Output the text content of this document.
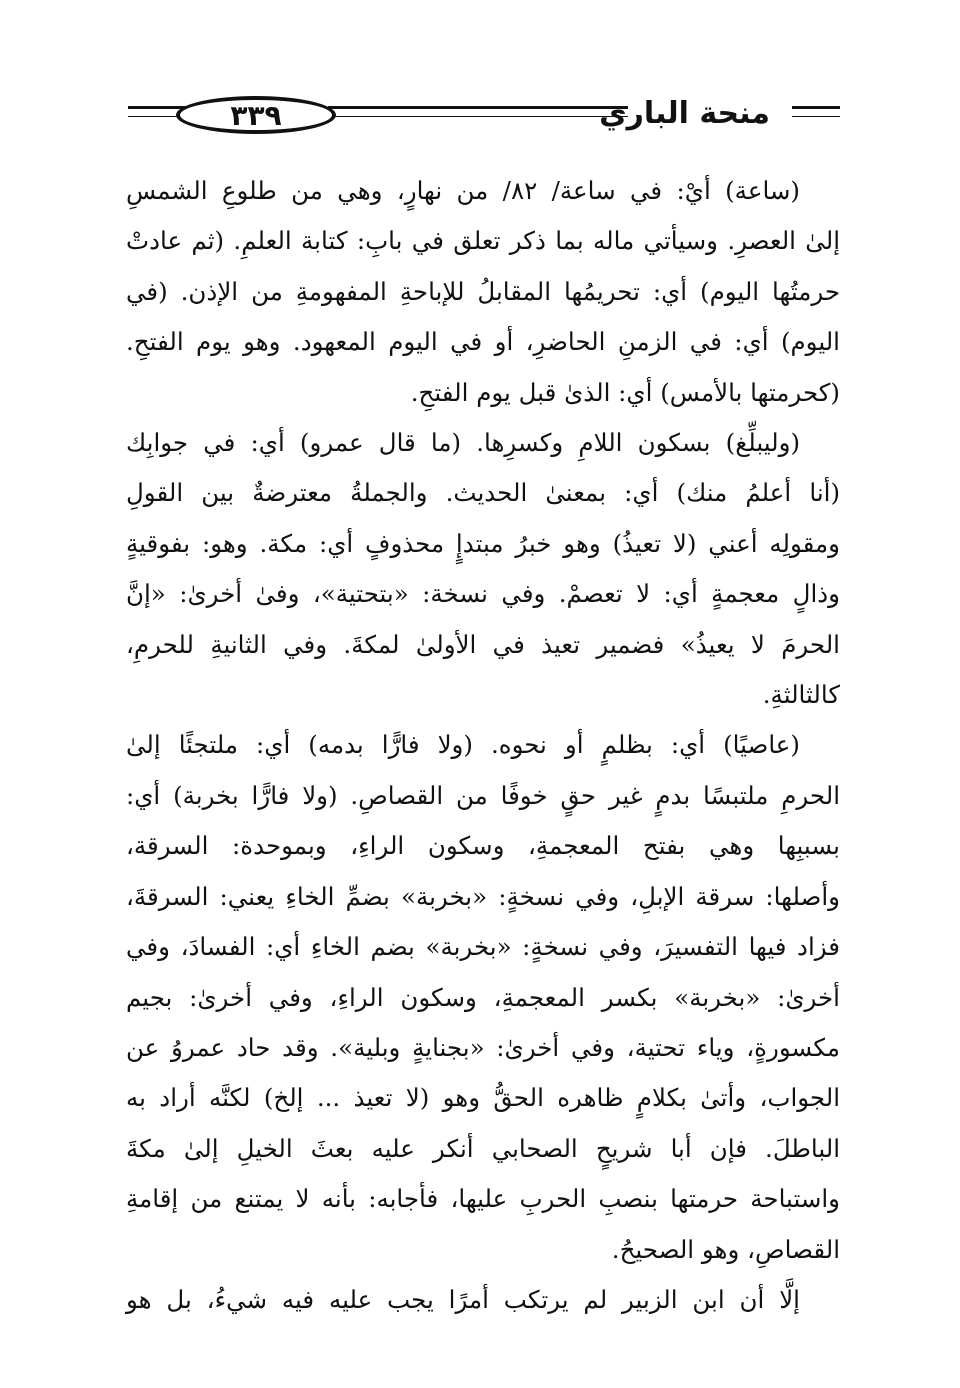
٣٣٩	منحة الباري

(ساعة) أيْ: في ساعة/ ٨٢/ من نهارٍ، وهي من طلوعِ الشمسِ
إلىٰ العصرِ. وسيأتي ماله بما ذكر تعلق في بابِ: كتابة العلمِ. (ثم عادتْ
حرمتُها اليوم) أي: تحريمُها المقابلُ للإباحةِ المفهومةِ من الإذن. (في
اليوم) أي: في الزمنِ الحاضرِ، أو في اليوم المعهود. وهو يوم الفتحِ.
(كحرمتها بالأمس) أي: الذىٰ قبل يوم الفتحِ.

(وليبلِّغ) بسكون اللامِ وكسرِها. (ما قال عمرو) أي: في جوابِك
(أنا أعلمُ منك) أي: بمعنىٰ الحديث. والجملةُ معترضةٌ بين القولِ
ومقولِه أعني (لا تعيذُ) وهو خبرُ مبتدإٍ محذوفٍ أي: مكة. وهو: بفوقيةٍ
وذالٍ معجمةٍ أي: لا تعصمْ. وفي نسخة: «بتحتية»، وفىٰ أخرىٰ: «إنَّ
الحرمَ لا يعيذُ» فضمير تعيذ في الأولىٰ لمكةَ. وفي الثانيةِ للحرمِ،
كالثالثةِ.

(عاصيًا) أي: بظلمٍ أو نحوه. (ولا فارًّا بدمه) أي: ملتجئًا إلىٰ
الحرمِ ملتبسًا بدمٍ غير حقٍ خوفًا من القصاصِ. (ولا فارًّا بخربة) أي:
بسببِها وهي بفتح المعجمةِ، وسكون الراءِ، وبموحدة: السرقة،
وأصلها: سرقة الإبلِ، وفي نسخةٍ: «بخربة» بضمِّ الخاءِ يعني: السرقةَ،
فزاد فيها التفسيرَ، وفي نسخةٍ: «بخربة» بضم الخاءِ أي: الفسادَ، وفي
أخرىٰ: «بخربة» بكسر المعجمةِ، وسكون الراءِ، وفي أخرىٰ: بجيم
مكسورةٍ، وياء تحتية، وفي أخرىٰ: «بجنايةٍ وبلية». وقد حاد عمروُ عن
الجواب، وأتىٰ بكلامٍ ظاهره الحقُّ وهو (لا تعيذ ... إلخ) لكنَّه أراد به
الباطلَ. فإن أبا شريحٍ الصحابي أنكر عليه بعثَ الخيلِ إلىٰ مكةَ
واستباحة حرمتها بنصبِ الحربِ عليها، فأجابه: بأنه لا يمتنع من إقامةِ
القصاصِ، وهو الصحيحُ.

إلَّا أن ابن الزبير لم يرتكب أمرًا يجب عليه فيه شيءُ، بل هو
